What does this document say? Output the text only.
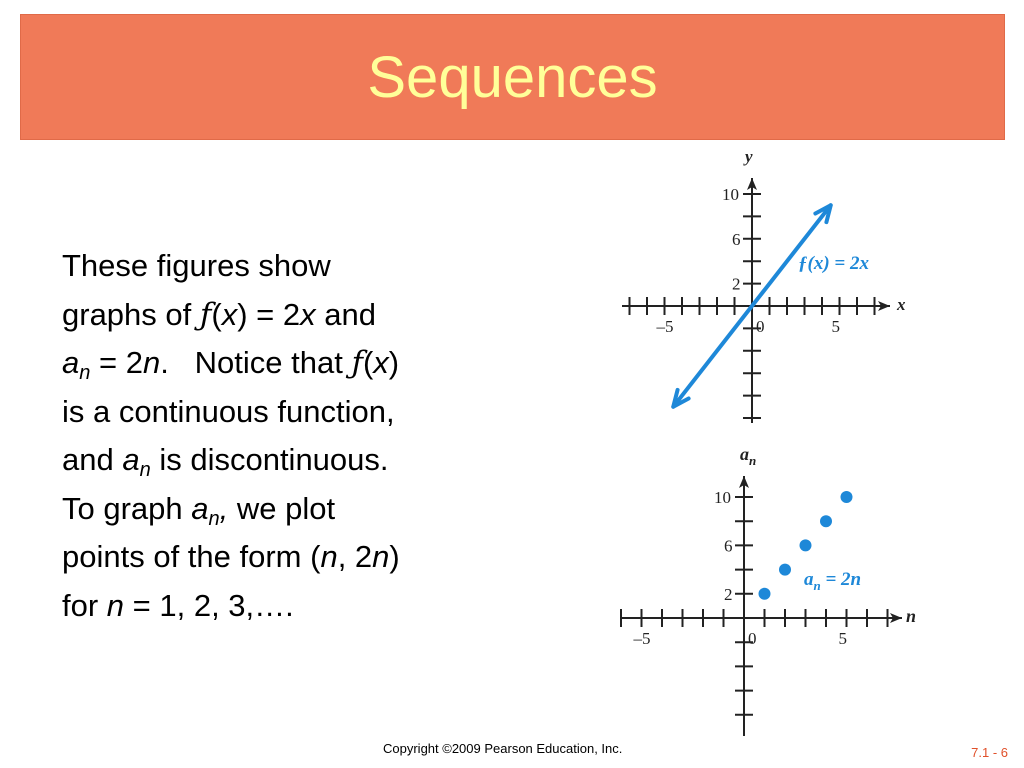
Sequences
These figures show
graphs of ƒ(x) = 2x and
$a_n = 2n$.   Notice that ƒ(x)
is a continuous function,
and $a_n$ is discontinuous.
To graph $a_n$, we plot
points of the form (n, 2n)
for n = 1, 2, 3,….
–5	0	5
2
6
10
x
y
ƒ(x) = 2x
–5	0	5
2
6
10
n
$a_n$
$a_n = 2n$
Copyright ©2009 Pearson Education, Inc.	7.1 - 6
